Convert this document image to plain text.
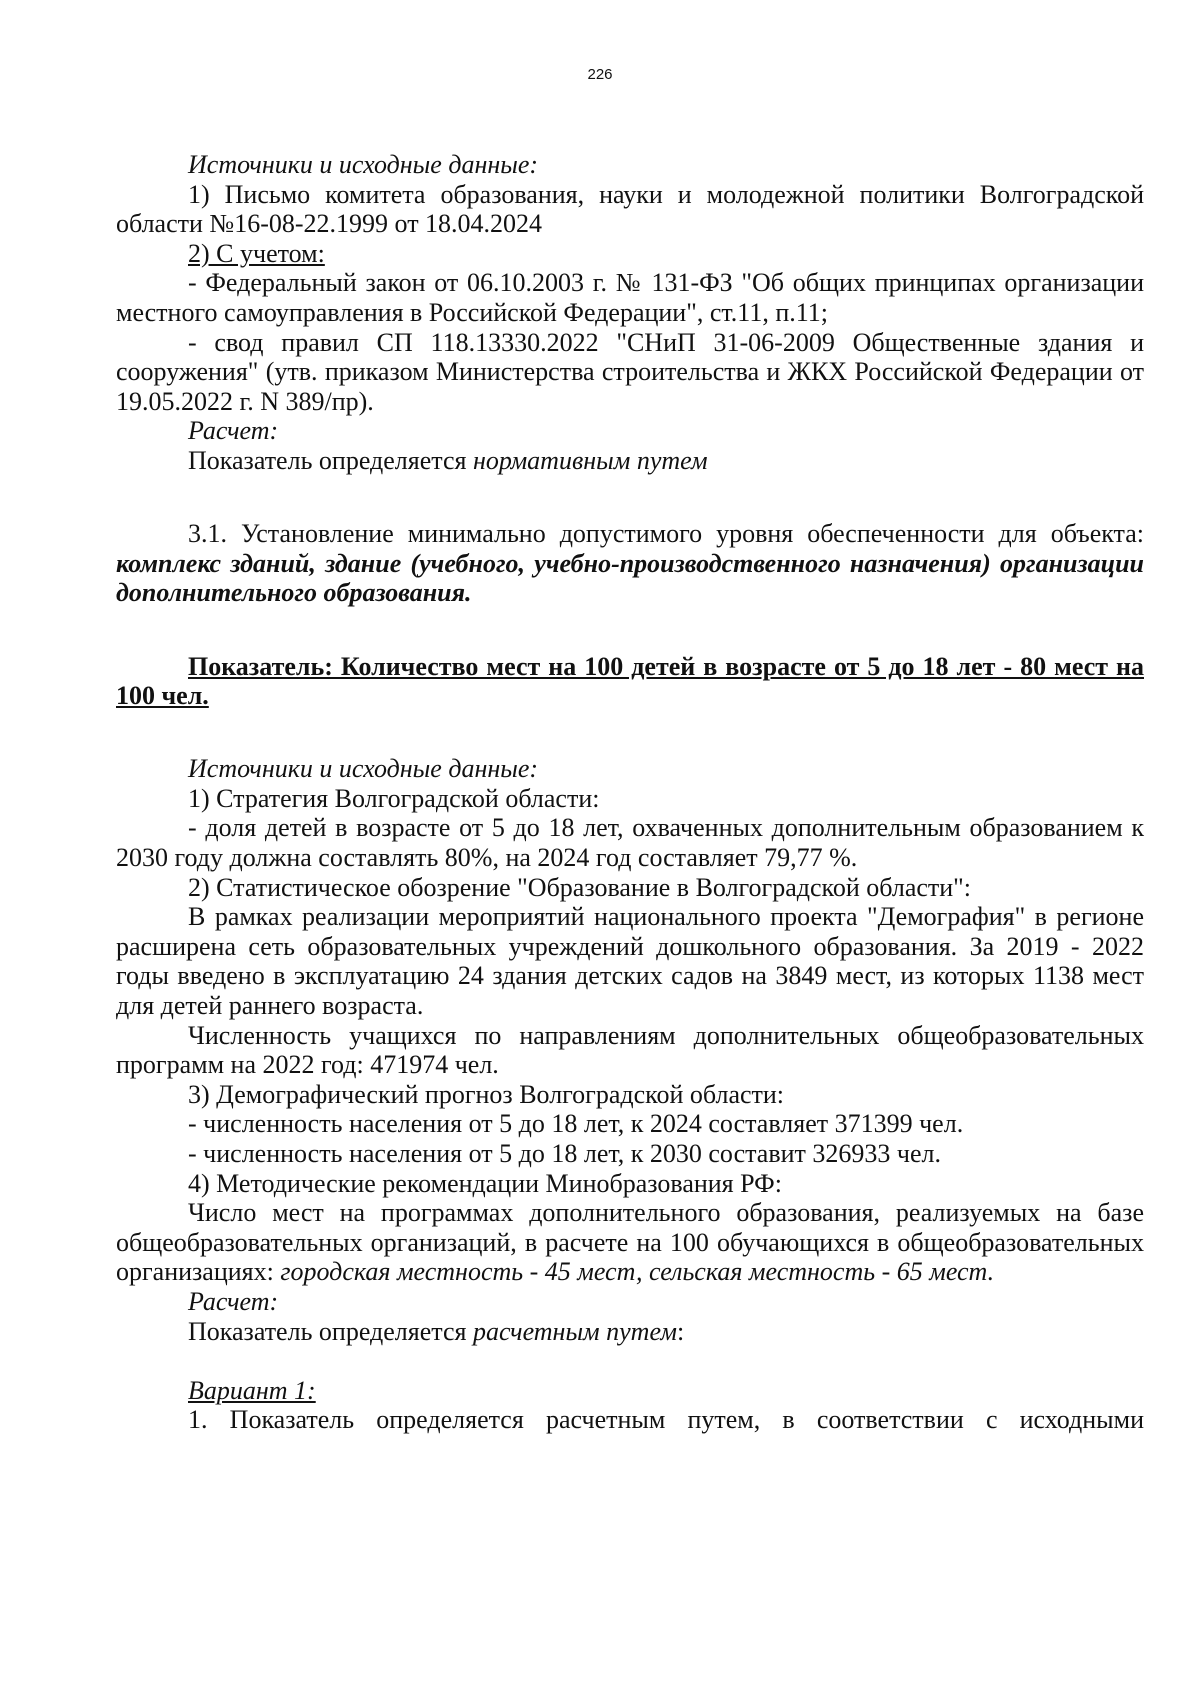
226

Источники и исходные данные:

1) Письмо комитета образования, науки и молодежной политики Волгоградской области №16-08-22.1999 от 18.04.2024

2) С учетом:

- Федеральный закон от 06.10.2003 г. № 131-ФЗ "Об общих принципах организации местного самоуправления в Российской Федерации", ст.11, п.11;

- свод правил СП 118.13330.2022 "СНиП 31-06-2009 Общественные здания и сооружения" (утв. приказом Министерства строительства и ЖКХ Российской Федерации от 19.05.2022 г. N 389/пр).

Расчет:

Показатель определяется нормативным путем

3.1. Установление минимально допустимого уровня обеспеченности для объекта: комплекс зданий, здание (учебного, учебно-производственного назначения) организации дополнительного образования.

Показатель: Количество мест на 100 детей в возрасте от 5 до 18 лет - 80 мест на 100 чел.

Источники и исходные данные:

1) Стратегия Волгоградской области:

- доля детей в возрасте от 5 до 18 лет, охваченных дополнительным образованием к 2030 году должна составлять 80%, на 2024 год составляет 79,77 %.

2) Статистическое обозрение "Образование в Волгоградской области":

В рамках реализации мероприятий национального проекта "Демография" в регионе расширена сеть образовательных учреждений дошкольного образования. За 2019 - 2022 годы введено в эксплуатацию 24 здания детских садов на 3849 мест, из которых 1138 мест для детей раннего возраста.

Численность учащихся по направлениям дополнительных общеобразовательных программ на 2022 год: 471974 чел.

3) Демографический прогноз Волгоградской области:

- численность населения от 5 до 18 лет, к 2024 составляет 371399 чел.

- численность населения от 5 до 18 лет, к 2030 составит 326933 чел.

4) Методические рекомендации Минобразования РФ:

Число мест на программах дополнительного образования, реализуемых на базе общеобразовательных организаций, в расчете на 100 обучающихся в общеобразовательных организациях: городская местность - 45 мест, сельская местность - 65 мест.

Расчет:

Показатель определяется расчетным путем:

Вариант 1:

1. Показатель определяется расчетным путем, в соответствии с исходными
